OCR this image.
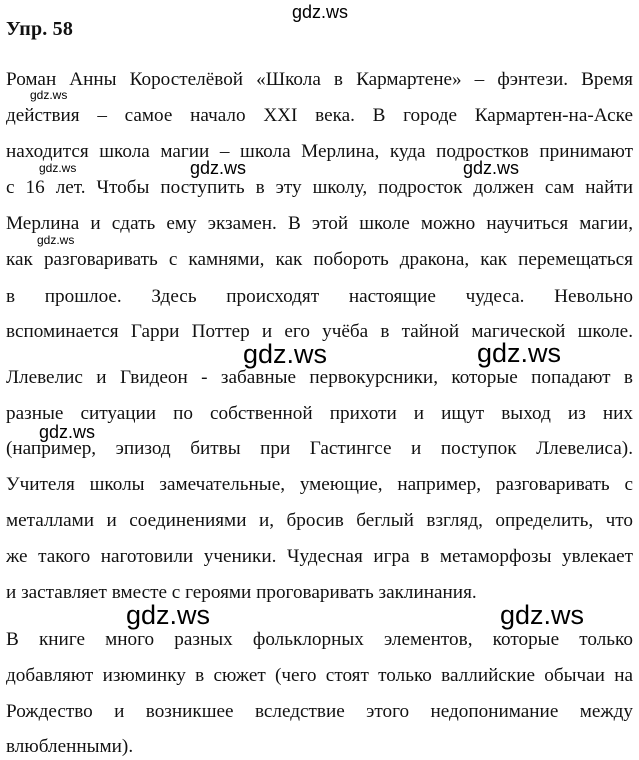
gdz.ws
gdz.ws
gdz.ws	gdz.ws	gdz.ws
gdz.ws
gdz.ws	gdz.ws
gdz.ws
gdz.ws	gdz.ws
Упр. 58
Роман Анны Коростелёвой «Школа в Кармартене» – фэнтези. Время
действия – самое начало XXI века. В городе Кармартен-на-Аске
находится школа магии – школа Мерлина, куда подростков принимают
с 16 лет. Чтобы поступить в эту школу, подросток должен сам найти
Мерлина и сдать ему экзамен. В этой школе можно научиться магии,
как разговаривать с камнями, как побороть дракона, как перемещаться
в прошлое. Здесь происходят настоящие чудеса. Невольно
вспоминается Гарри Поттер и его учёба в тайной магической школе.
Ллевелис и Гвидеон - забавные первокурсники, которые попадают в
разные ситуации по собственной прихоти и ищут выход из них
(например, эпизод битвы при Гастингсе и поступок Ллевелиса).
Учителя школы замечательные, умеющие, например, разговаривать с
металлами и соединениями и, бросив беглый взгляд, определить, что
же такого наготовили ученики. Чудесная игра в метаморфозы увлекает
и заставляет вместе с героями проговаривать заклинания.
В книге много разных фольклорных элементов, которые только
добавляют изюминку в сюжет (чего стоят только валлийские обычаи на
Рождество и возникшее вследствие этого недопонимание между
влюбленными).
